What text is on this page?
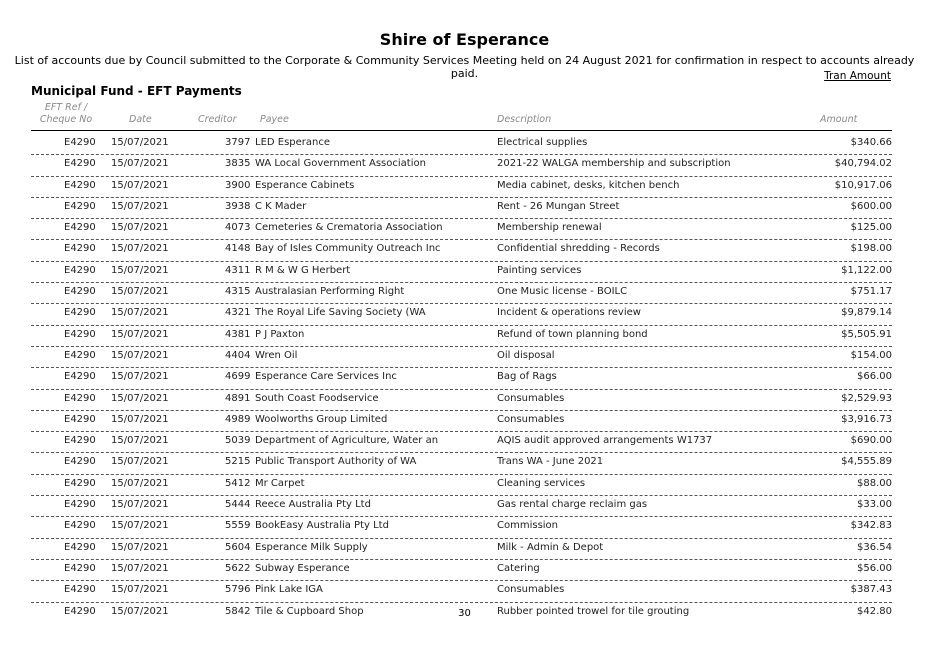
Shire of Esperance
List of accounts due by Council submitted to the Corporate & Community Services Meeting held on 24 August 2021 for confirmation in respect to accounts already paid.	Tran Amount
Municipal Fund - EFT Payments
EFT Ref /
Cheque No	Date	Creditor Payee	Description	Amount
E4290 15/07/2021	3797 LED Esperance	Electrical supplies	$340.66
E4290 15/07/2021	3835 WA Local Government Association	2021-22 WALGA membership and subscription	$40,794.02
E4290 15/07/2021	3900 Esperance Cabinets	Media cabinet, desks, kitchen bench	$10,917.06
E4290 15/07/2021	3938 C K Mader	Rent - 26 Mungan Street	$600.00
E4290 15/07/2021	4073 Cemeteries & Crematoria Association	Membership renewal	$125.00
E4290 15/07/2021	4148 Bay of Isles Community Outreach Inc	Confidential shredding - Records	$198.00
E4290 15/07/2021	4311 R M & W G Herbert	Painting services	$1,122.00
E4290 15/07/2021	4315 Australasian Performing Right	One Music license - BOILC	$751.17
E4290 15/07/2021	4321 The Royal Life Saving Society (WA	Incident & operations review	$9,879.14
E4290 15/07/2021	4381 P J Paxton	Refund of town planning bond	$5,505.91
E4290 15/07/2021	4404 Wren Oil	Oil disposal	$154.00
E4290 15/07/2021	4699 Esperance Care Services Inc	Bag of Rags	$66.00
E4290 15/07/2021	4891 South Coast Foodservice	Consumables	$2,529.93
E4290 15/07/2021	4989 Woolworths Group Limited	Consumables	$3,916.73
E4290 15/07/2021	5039 Department of Agriculture, Water an	AQIS audit approved arrangements W1737	$690.00
E4290 15/07/2021	5215 Public Transport Authority of WA	Trans WA - June 2021	$4,555.89
E4290 15/07/2021	5412 Mr Carpet	Cleaning services	$88.00
E4290 15/07/2021	5444 Reece Australia Pty Ltd	Gas rental charge reclaim gas	$33.00
E4290 15/07/2021	5559 BookEasy Australia Pty Ltd	Commission	$342.83
E4290 15/07/2021	5604 Esperance Milk Supply	Milk - Admin & Depot	$36.54
E4290 15/07/2021	5622 Subway Esperance	Catering	$56.00
E4290 15/07/2021	5796 Pink Lake IGA	Consumables	$387.43
E4290 15/07/2021	5842 Tile & Cupboard Shop	Rubber pointed trowel for tile grouting	$42.80
30
